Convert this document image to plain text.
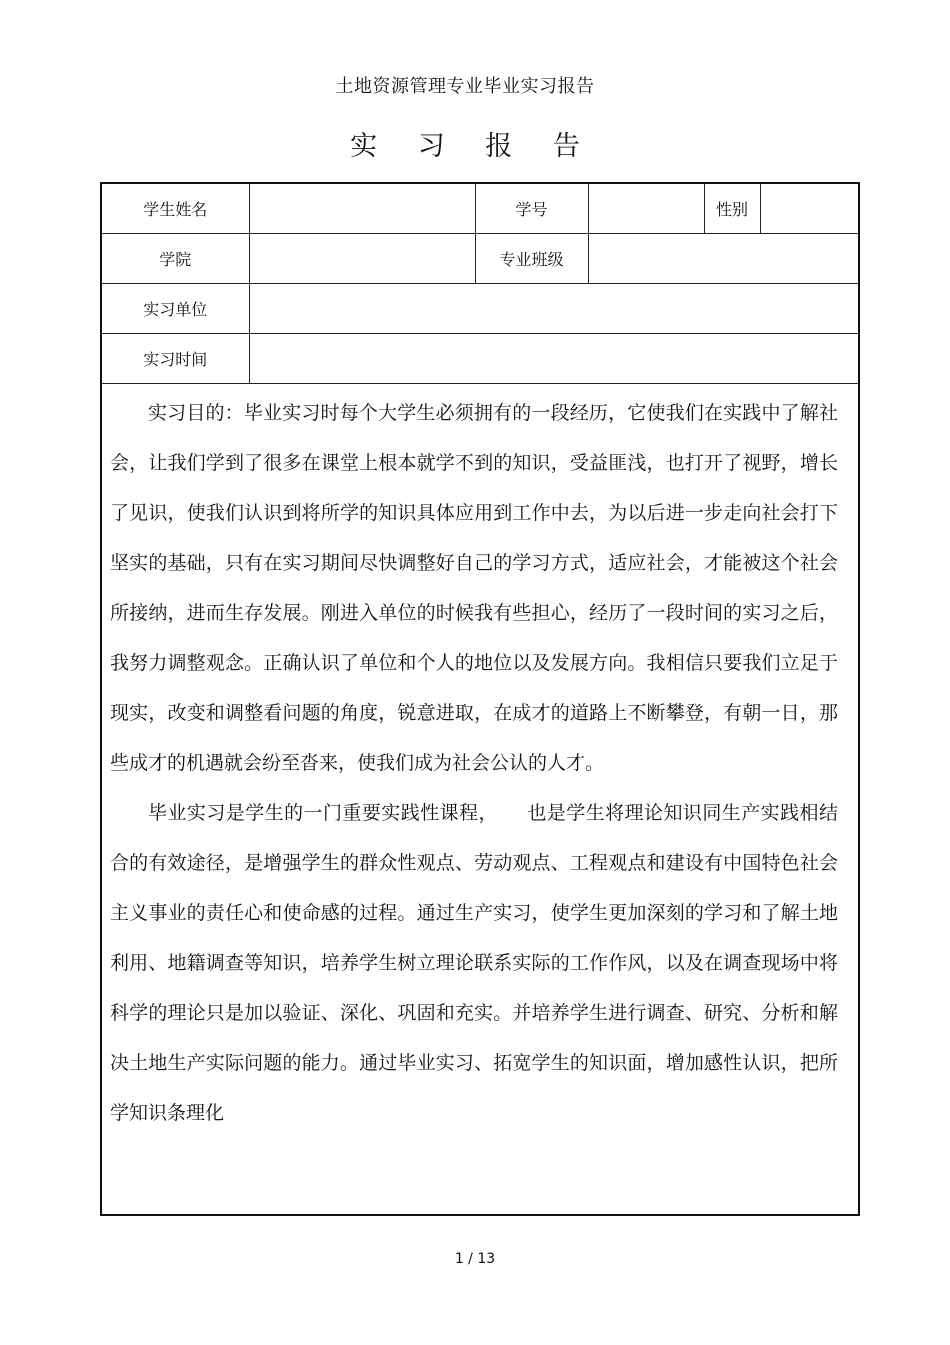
土地资源管理专业毕业实习报告
实 习 报 告
学生姓名		学号		性别	
学院		专业班级			
实习单位					
实习时间					

实习目的：毕业实习时每个大学生必须拥有的一段经历，它使我们在实践中了解社会，让我们学到了很多在课堂上根本就学不到的知识，受益匪浅，也打开了视野，增长了见识，使我们认识到将所学的知识具体应用到工作中去，为以后进一步走向社会打下坚实的基础，只有在实习期间尽快调整好自己的学习方式，适应社会，才能被这个社会所接纳，进而生存发展。刚进入单位的时候我有些担心，经历了一段时间的实习之后，我努力调整观念。正确认识了单位和个人的地位以及发展方向。我相信只要我们立足于现实，改变和调整看问题的角度，锐意进取，在成才的道路上不断攀登，有朝一日，那些成才的机遇就会纷至沓来，使我们成为社会公认的人才。

毕业实习是学生的一门重要实践性课程，　　也是学生将理论知识同生产实践相结合的有效途径，是增强学生的群众性观点、劳动观点、工程观点和建设有中国特色社会主义事业的责任心和使命感的过程。通过生产实习，使学生更加深刻的学习和了解土地利用、地籍调查等知识，培养学生树立理论联系实际的工作作风，以及在调查现场中将科学的理论只是加以验证、深化、巩固和充实。并培养学生进行调查、研究、分析和解决土地生产实际问题的能力。通过毕业实习、拓宽学生的知识面，增加感性认识，把所学知识条理化

1 / 13
